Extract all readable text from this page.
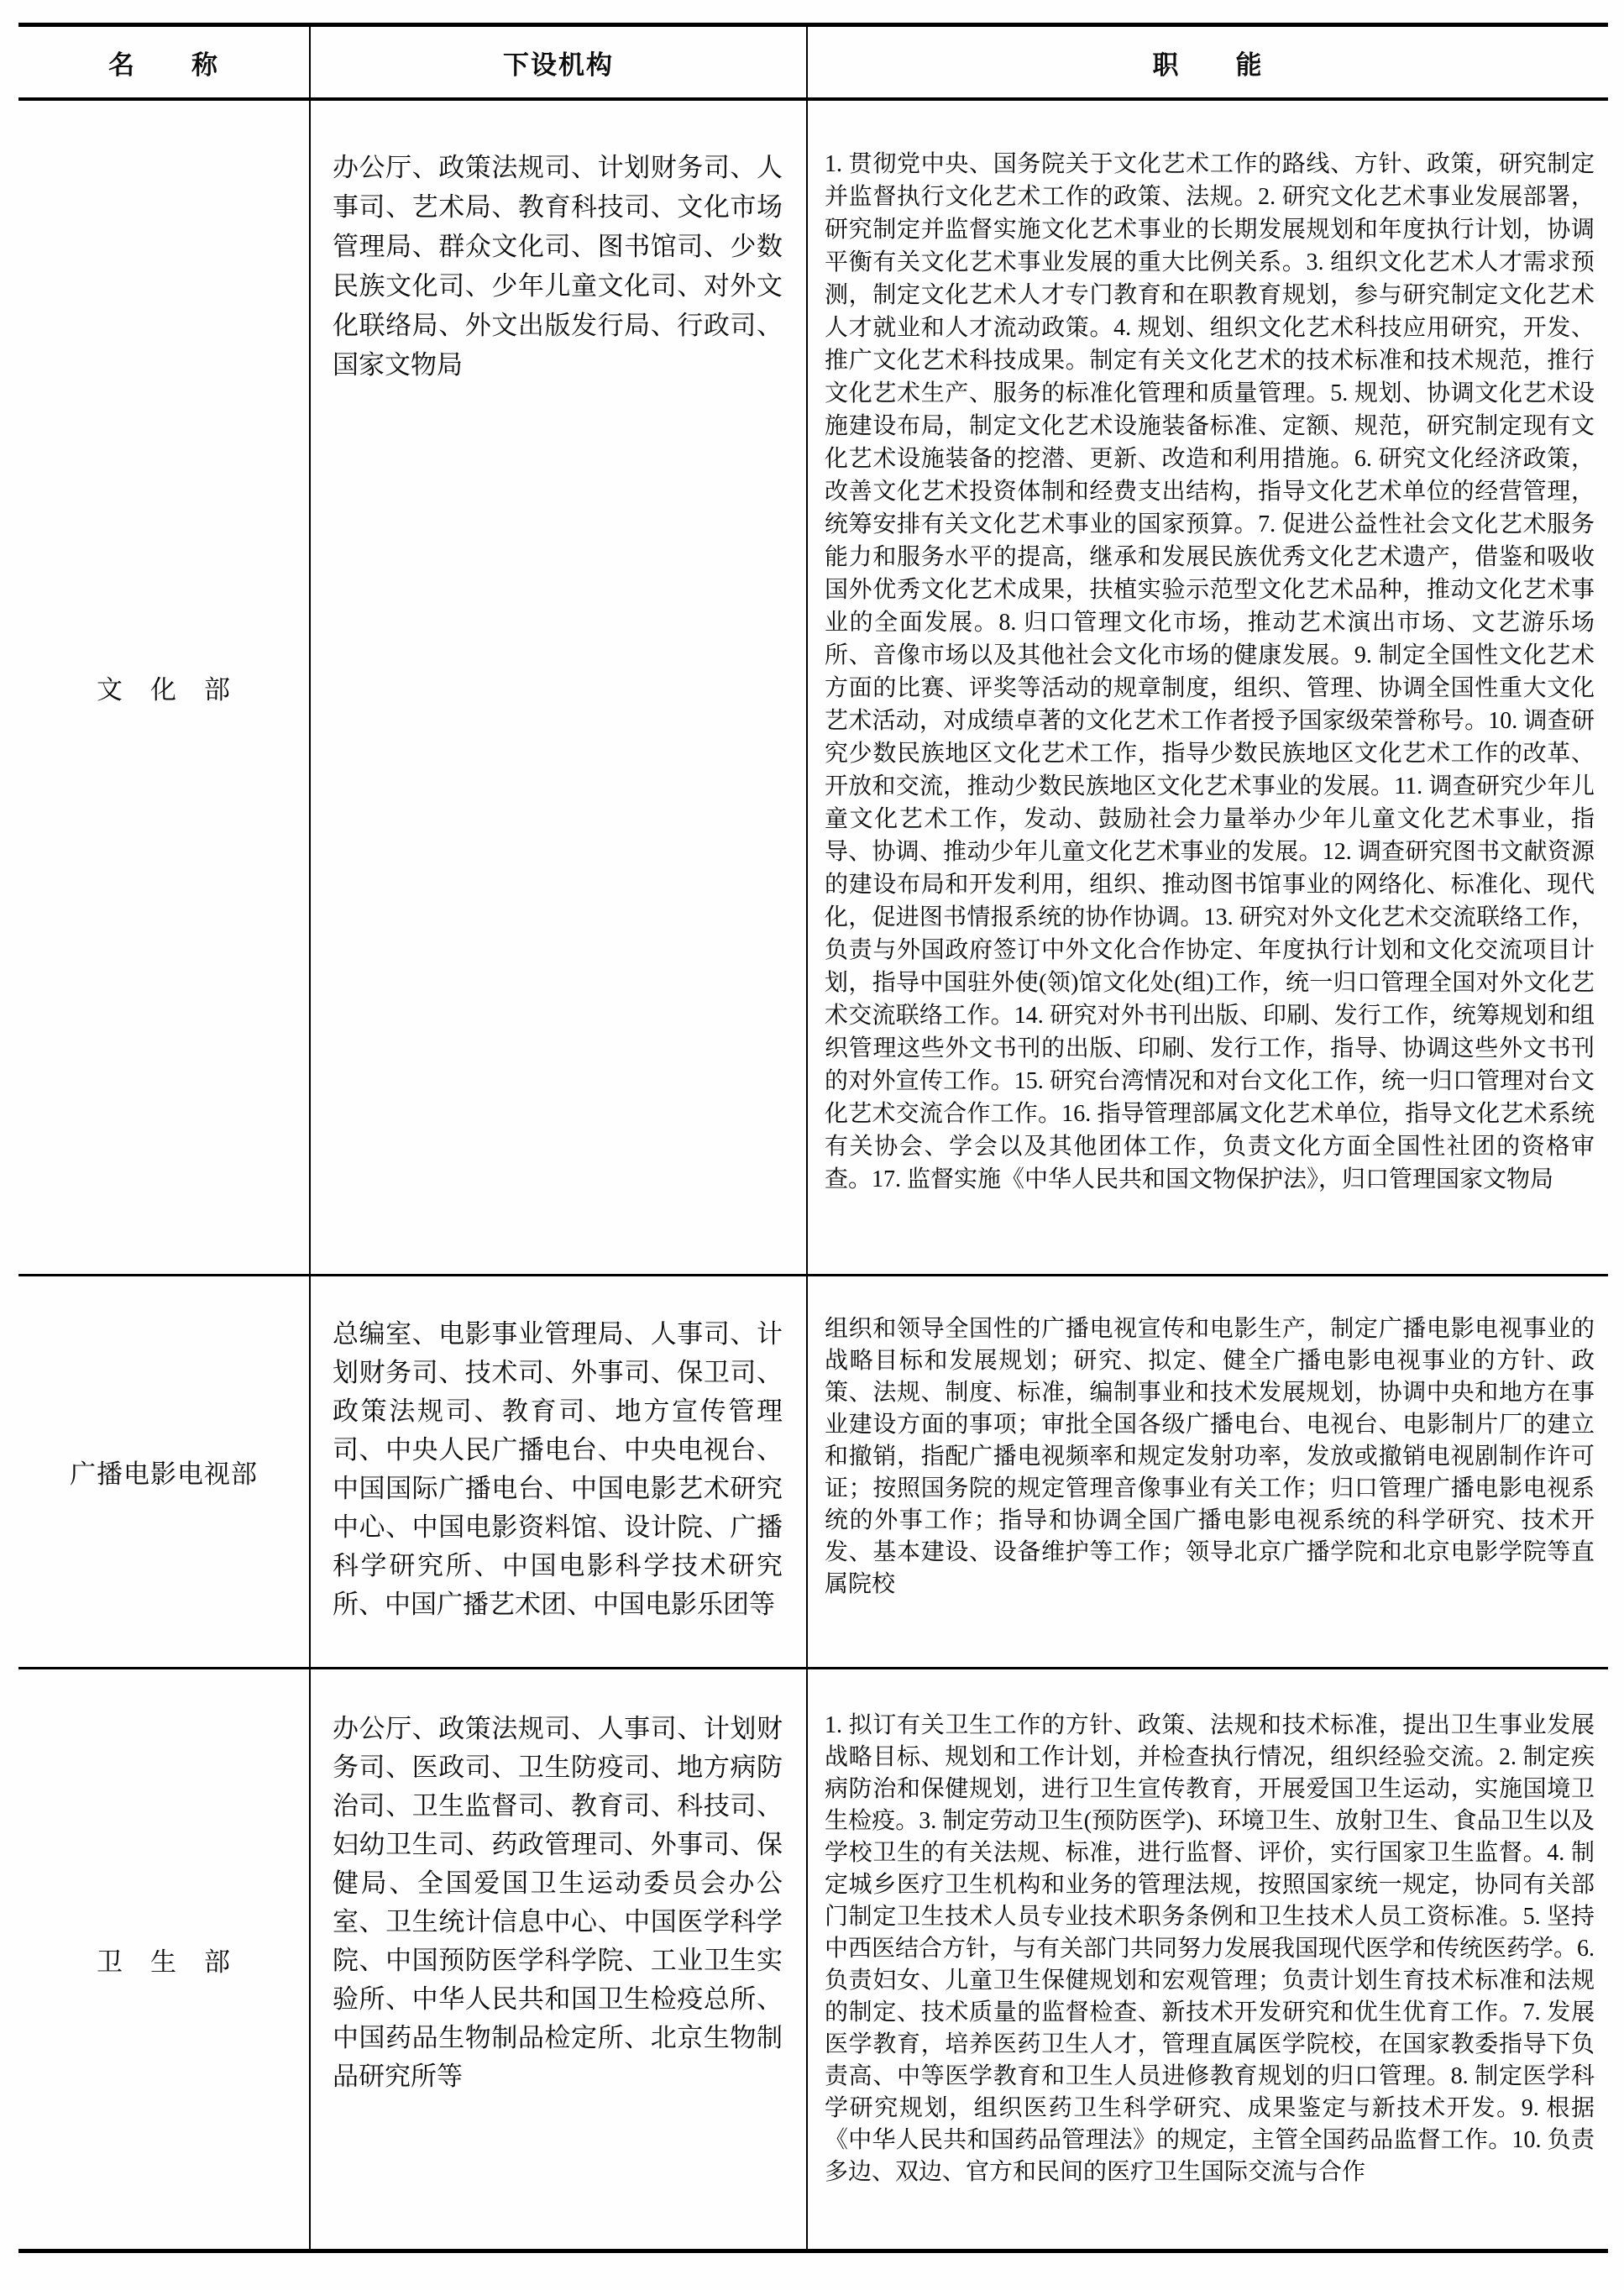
名　　称	下设机构	职　　能
文　化　部
办公厅、政策法规司、计划财务司、人事司、艺术局、教育科技司、文化市场管理局、群众文化司、图书馆司、少数民族文化司、少年儿童文化司、对外文化联络局、外文出版发行局、行政司、国家文物局
1. 贯彻党中央、国务院关于文化艺术工作的路线、方针、政策，研究制定并监督执行文化艺术工作的政策、法规。2. 研究文化艺术事业发展部署，研究制定并监督实施文化艺术事业的长期发展规划和年度执行计划，协调平衡有关文化艺术事业发展的重大比例关系。3. 组织文化艺术人才需求预测，制定文化艺术人才专门教育和在职教育规划，参与研究制定文化艺术人才就业和人才流动政策。4. 规划、组织文化艺术科技应用研究，开发、推广文化艺术科技成果。制定有关文化艺术的技术标准和技术规范，推行文化艺术生产、服务的标准化管理和质量管理。5. 规划、协调文化艺术设施建设布局，制定文化艺术设施装备标准、定额、规范，研究制定现有文化艺术设施装备的挖潜、更新、改造和利用措施。6. 研究文化经济政策，改善文化艺术投资体制和经费支出结构，指导文化艺术单位的经营管理，统筹安排有关文化艺术事业的国家预算。7. 促进公益性社会文化艺术服务能力和服务水平的提高，继承和发展民族优秀文化艺术遗产，借鉴和吸收国外优秀文化艺术成果，扶植实验示范型文化艺术品种，推动文化艺术事业的全面发展。8. 归口管理文化市场，推动艺术演出市场、文艺游乐场所、音像市场以及其他社会文化市场的健康发展。9. 制定全国性文化艺术方面的比赛、评奖等活动的规章制度，组织、管理、协调全国性重大文化艺术活动，对成绩卓著的文化艺术工作者授予国家级荣誉称号。10. 调查研究少数民族地区文化艺术工作，指导少数民族地区文化艺术工作的改革、开放和交流，推动少数民族地区文化艺术事业的发展。11. 调查研究少年儿童文化艺术工作，发动、鼓励社会力量举办少年儿童文化艺术事业，指导、协调、推动少年儿童文化艺术事业的发展。12. 调查研究图书文献资源的建设布局和开发利用，组织、推动图书馆事业的网络化、标准化、现代化，促进图书情报系统的协作协调。13. 研究对外文化艺术交流联络工作，负责与外国政府签订中外文化合作协定、年度执行计划和文化交流项目计划，指导中国驻外使(领)馆文化处(组)工作，统一归口管理全国对外文化艺术交流联络工作。14. 研究对外书刊出版、印刷、发行工作，统筹规划和组织管理这些外文书刊的出版、印刷、发行工作，指导、协调这些外文书刊的对外宣传工作。15. 研究台湾情况和对台文化工作，统一归口管理对台文化艺术交流合作工作。16. 指导管理部属文化艺术单位，指导文化艺术系统有关协会、学会以及其他团体工作，负责文化方面全国性社团的资格审查。17. 监督实施《中华人民共和国文物保护法》，归口管理国家文物局
广播电影电视部
总编室、电影事业管理局、人事司、计划财务司、技术司、外事司、保卫司、政策法规司、教育司、地方宣传管理司、中央人民广播电台、中央电视台、中国国际广播电台、中国电影艺术研究中心、中国电影资料馆、设计院、广播科学研究所、中国电影科学技术研究所、中国广播艺术团、中国电影乐团等
组织和领导全国性的广播电视宣传和电影生产，制定广播电影电视事业的战略目标和发展规划；研究、拟定、健全广播电影电视事业的方针、政策、法规、制度、标准，编制事业和技术发展规划，协调中央和地方在事业建设方面的事项；审批全国各级广播电台、电视台、电影制片厂的建立和撤销，指配广播电视频率和规定发射功率，发放或撤销电视剧制作许可证；按照国务院的规定管理音像事业有关工作；归口管理广播电影电视系统的外事工作；指导和协调全国广播电影电视系统的科学研究、技术开发、基本建设、设备维护等工作；领导北京广播学院和北京电影学院等直属院校
卫　生　部
办公厅、政策法规司、人事司、计划财务司、医政司、卫生防疫司、地方病防治司、卫生监督司、教育司、科技司、妇幼卫生司、药政管理司、外事司、保健局、全国爱国卫生运动委员会办公室、卫生统计信息中心、中国医学科学院、中国预防医学科学院、工业卫生实验所、中华人民共和国卫生检疫总所、中国药品生物制品检定所、北京生物制品研究所等
1. 拟订有关卫生工作的方针、政策、法规和技术标准，提出卫生事业发展战略目标、规划和工作计划，并检查执行情况，组织经验交流。2. 制定疾病防治和保健规划，进行卫生宣传教育，开展爱国卫生运动，实施国境卫生检疫。3. 制定劳动卫生(预防医学)、环境卫生、放射卫生、食品卫生以及学校卫生的有关法规、标准，进行监督、评价，实行国家卫生监督。4. 制定城乡医疗卫生机构和业务的管理法规，按照国家统一规定，协同有关部门制定卫生技术人员专业技术职务条例和卫生技术人员工资标准。5. 坚持中西医结合方针，与有关部门共同努力发展我国现代医学和传统医药学。6. 负责妇女、儿童卫生保健规划和宏观管理；负责计划生育技术标准和法规的制定、技术质量的监督检查、新技术开发研究和优生优育工作。7. 发展医学教育，培养医药卫生人才，管理直属医学院校，在国家教委指导下负责高、中等医学教育和卫生人员进修教育规划的归口管理。8. 制定医学科学研究规划，组织医药卫生科学研究、成果鉴定与新技术开发。9. 根据《中华人民共和国药品管理法》的规定，主管全国药品监督工作。10. 负责多边、双边、官方和民间的医疗卫生国际交流与合作
